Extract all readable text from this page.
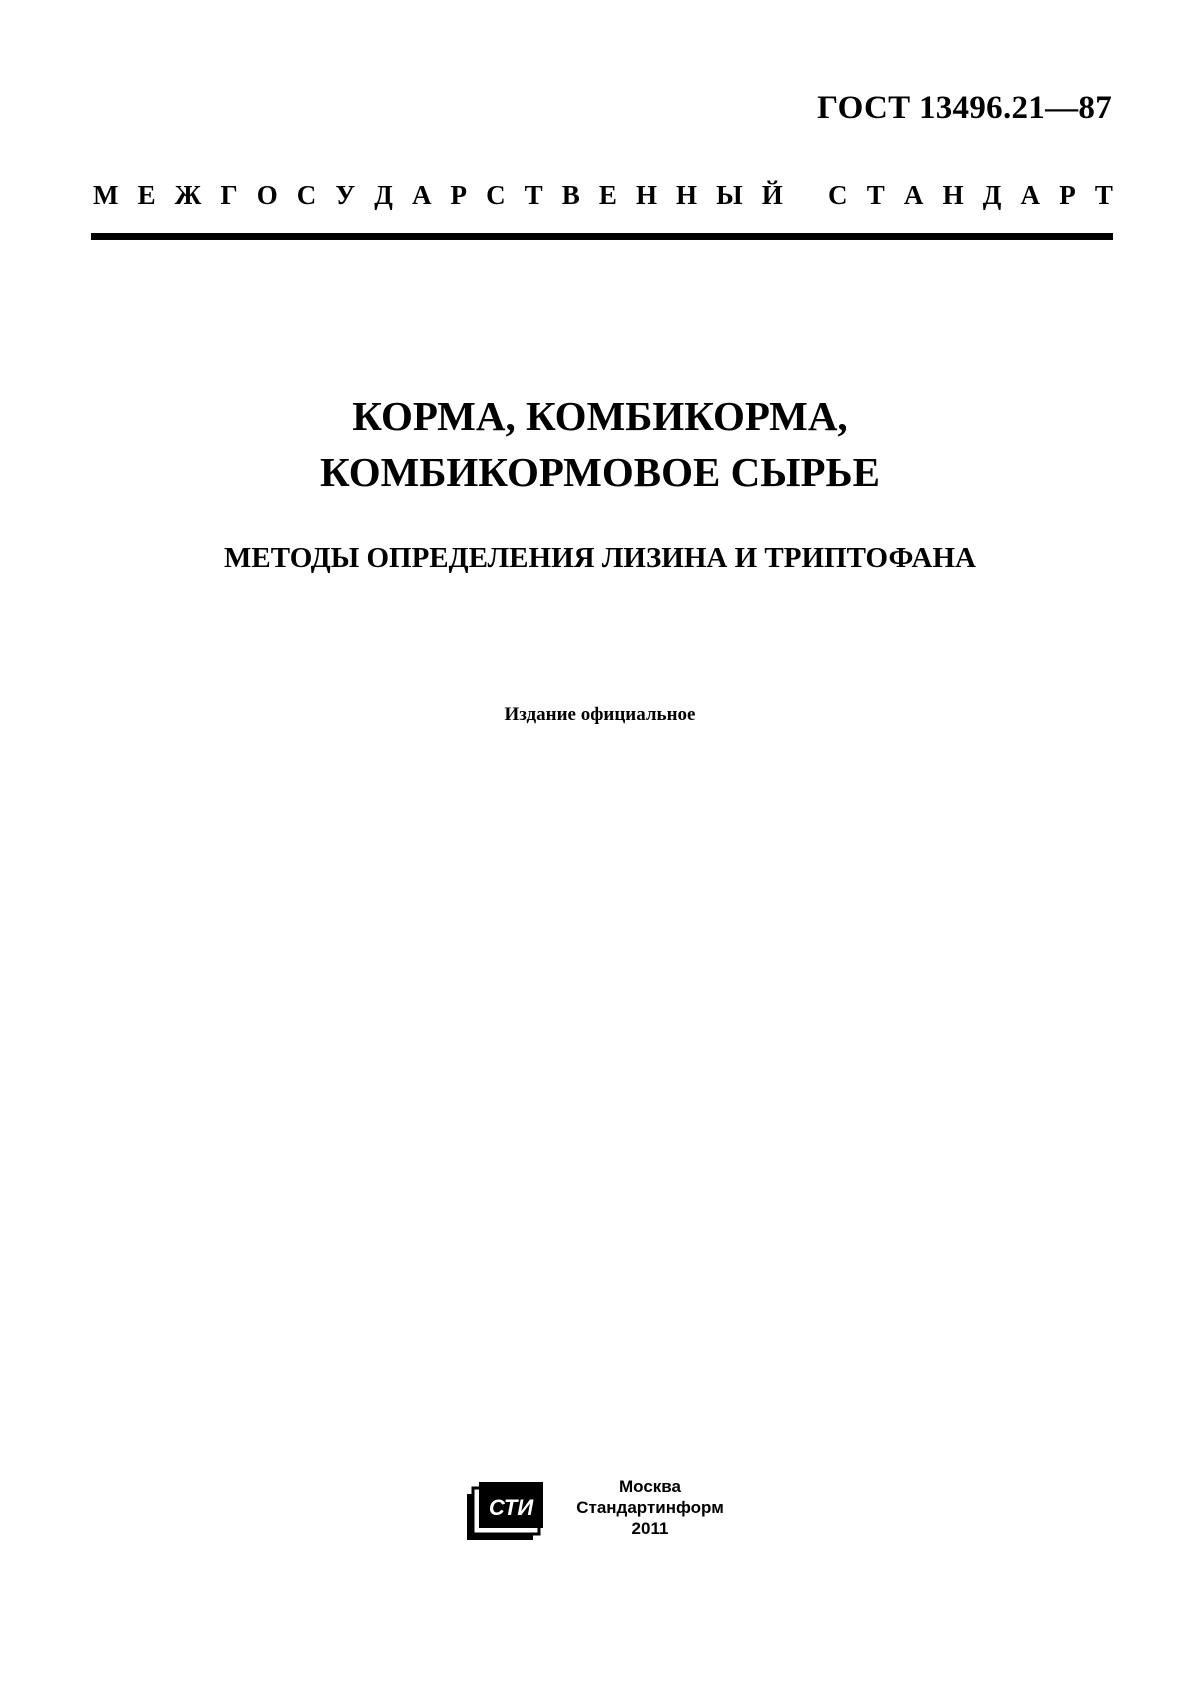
ГОСТ 13496.21—87
М Е Ж Г О С У Д А Р С Т В Е Н Н Ы Й С Т А Н Д А Р Т
КОРМА, КОМБИКОРМА,
КОМБИКОРМОВОЕ СЫРЬЕ
МЕТОДЫ ОПРЕДЕЛЕНИЯ ЛИЗИНА И ТРИПТОФАНА
Издание официальное
СТИ
Москва
Стандартинформ
2011
